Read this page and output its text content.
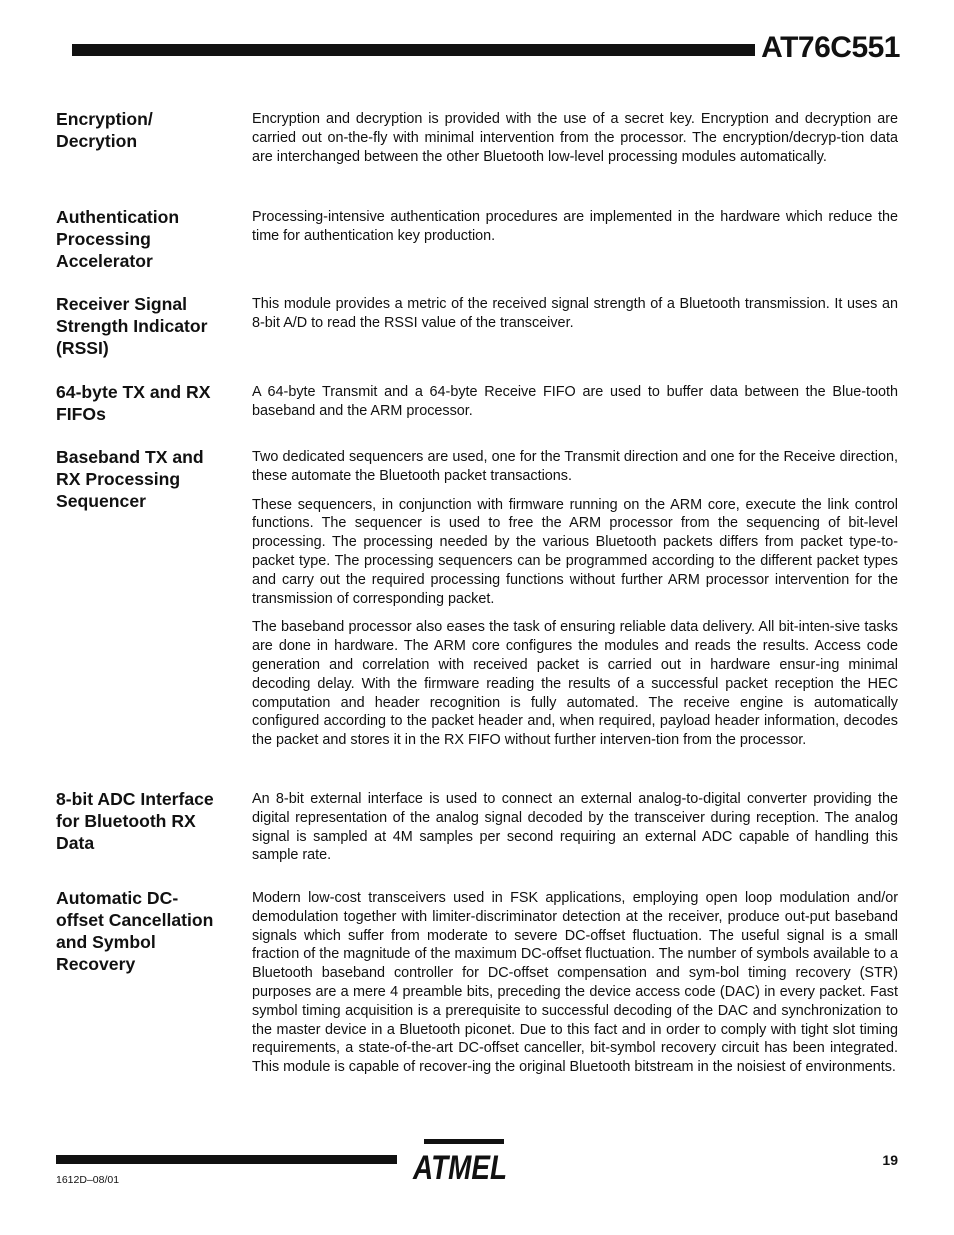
AT76C551
Encryption/
Decrytion

Encryption and decryption is provided with the use of a secret key. Encryption and decryption are carried out on-the-fly with minimal intervention from the processor. The encryption/decryp-tion data are interchanged between the other Bluetooth low-level processing modules automatically.

Authentication
Processing
Accelerator

Processing-intensive authentication procedures are implemented in the hardware which reduce the time for authentication key production.

Receiver Signal
Strength Indicator
(RSSI)

This module provides a metric of the received signal strength of a Bluetooth transmission. It uses an 8-bit A/D to read the RSSI value of the transceiver.

64-byte TX and RX
FIFOs

A 64-byte Transmit and a 64-byte Receive FIFO are used to buffer data between the Blue-tooth baseband and the ARM processor.

Baseband TX and
RX Processing
Sequencer

Two dedicated sequencers are used, one for the Transmit direction and one for the Receive direction, these automate the Bluetooth packet transactions.

These sequencers, in conjunction with firmware running on the ARM core, execute the link control functions. The sequencer is used to free the ARM processor from the sequencing of bit-level processing. The processing needed by the various Bluetooth packets differs from packet type-to-packet type. The processing sequencers can be programmed according to the different packet types and carry out the required processing functions without further ARM processor intervention for the transmission of corresponding packet.

The baseband processor also eases the task of ensuring reliable data delivery. All bit-inten-sive tasks are done in hardware. The ARM core configures the modules and reads the results. Access code generation and correlation with received packet is carried out in hardware ensur-ing minimal decoding delay. With the firmware reading the results of a successful packet reception the HEC computation and header recognition is fully automated. The receive engine is automatically configured according to the packet header and, when required, payload header information, decodes the packet and stores it in the RX FIFO without further interven-tion from the processor.

8-bit ADC Interface
for Bluetooth RX
Data

An 8-bit external interface is used to connect an external analog-to-digital converter providing the digital representation of the analog signal decoded by the transceiver during reception. The analog signal is sampled at 4M samples per second requiring an external ADC capable of handling this sample rate.

Automatic DC-
offset Cancellation
and Symbol
Recovery

Modern low-cost transceivers used in FSK applications, employing open loop modulation and/or demodulation together with limiter-discriminator detection at the receiver, produce out-put baseband signals which suffer from moderate to severe DC-offset fluctuation. The useful signal is a small fraction of the magnitude of the maximum DC-offset fluctuation. The number of symbols available to a Bluetooth baseband controller for DC-offset compensation and sym-bol timing recovery (STR) purposes are a mere 4 preamble bits, preceding the device access code (DAC) in every packet. Fast symbol timing acquisition is a prerequisite to successful decoding of the DAC and synchronization to the master device in a Bluetooth piconet. Due to this fact and in order to comply with tight slot timing requirements, a state-of-the-art DC-offset canceller, bit-symbol recovery circuit has been integrated. This module is capable of recover-ing the original Bluetooth bitstream in the noisiest of environments.

ATMEL	19
1612D–08/01
